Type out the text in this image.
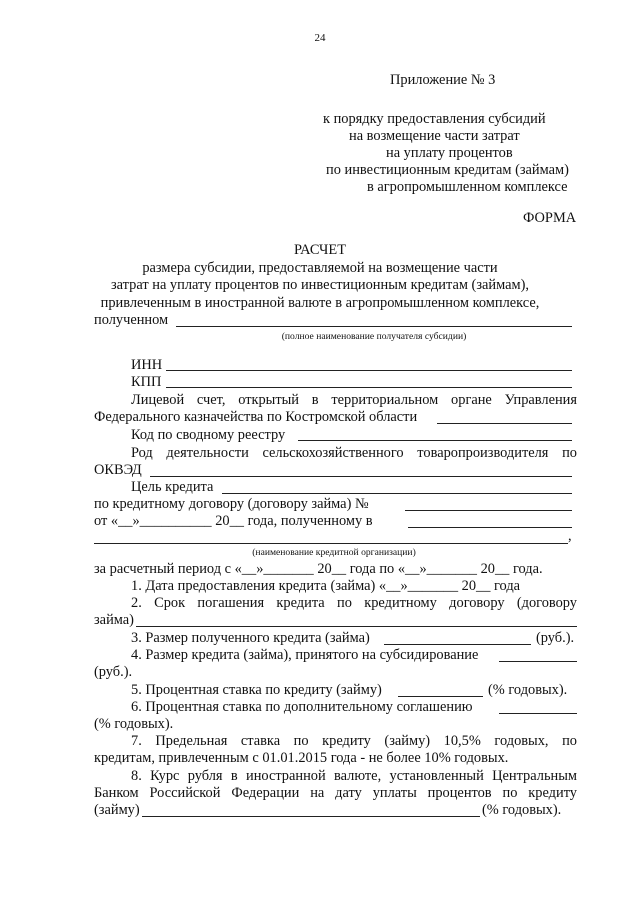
24
Приложение № 3
к порядку предоставления субсидий
на возмещение части затрат
на уплату процентов
по инвестиционным кредитам (займам)
в агропромышленном комплексе
ФОРМА
РАСЧЕТ
размера субсидии, предоставляемой на возмещение части
затрат на уплату процентов по инвестиционным кредитам (займам),
привлеченным в иностранной валюте в агропромышленном комплексе,
полученном
(полное наименование получателя субсидии)
ИНН
КПП
Лицевой счет, открытый в территориальном органе Управления
Федерального казначейства по Костромской области
Код по сводному реестру
Род деятельности сельскохозяйственного товаропроизводителя по
ОКВЭД
Цель кредита
по кредитному договору (договору займа) №
от «__»__________ 20__ года, полученному в
,
(наименование кредитной организации)
за расчетный период с «__»_______ 20__ года по «__»_______ 20__ года.
1. Дата предоставления кредита (займа) «__»_______ 20__ года
2. Срок погашения кредита по кредитному договору (договору
займа)
3. Размер полученного кредита (займа)	(руб.).
4. Размер кредита (займа), принятого на субсидирование
(руб.).
5. Процентная ставка по кредиту (займу)	(% годовых).
6. Процентная ставка по дополнительному соглашению
(% годовых).
7. Предельная ставка по кредиту (займу) 10,5% годовых, по
кредитам, привлеченным с 01.01.2015 года - не более 10% годовых.
8. Курс рубля в иностранной валюте, установленный Центральным
Банком Российской Федерации на дату уплаты процентов по кредиту
(займу)	(% годовых).
